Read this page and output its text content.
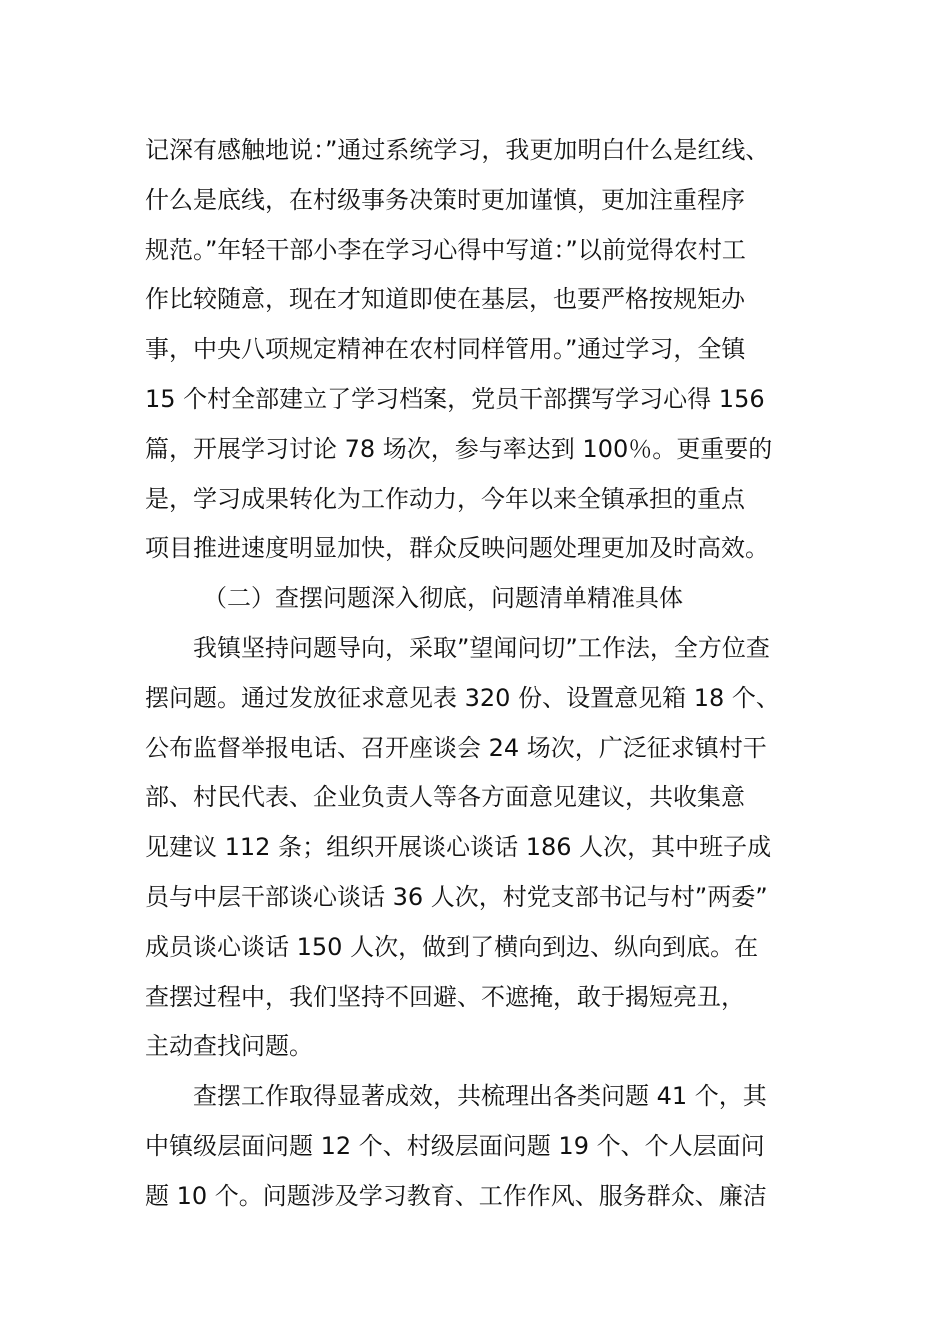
记深有感触地说：”通过系统学习，我更加明白什么是红线、
什么是底线，在村级事务决策时更加谨慎，更加注重程序
规范。”年轻干部小李在学习心得中写道：”以前觉得农村工
作比较随意，现在才知道即使在基层，也要严格按规矩办
事，中央八项规定精神在农村同样管用。”通过学习，全镇
15 个村全部建立了学习档案，党员干部撰写学习心得 156
篇，开展学习讨论 78 场次，参与率达到 100％。更重要的
是，学习成果转化为工作动力，今年以来全镇承担的重点
项目推进速度明显加快，群众反映问题处理更加及时高效。
（二）查摆问题深入彻底，问题清单精准具体
我镇坚持问题导向，采取”望闻问切”工作法，全方位查
摆问题。通过发放征求意见表 320 份、设置意见箱 18 个、
公布监督举报电话、召开座谈会 24 场次，广泛征求镇村干
部、村民代表、企业负责人等各方面意见建议，共收集意
见建议 112 条；组织开展谈心谈话 186 人次，其中班子成
员与中层干部谈心谈话 36 人次，村党支部书记与村”两委”
成员谈心谈话 150 人次，做到了横向到边、纵向到底。在
查摆过程中，我们坚持不回避、不遮掩，敢于揭短亮丑，
主动查找问题。
查摆工作取得显著成效，共梳理出各类问题 41 个，其
中镇级层面问题 12 个、村级层面问题 19 个、个人层面问
题 10 个。问题涉及学习教育、工作作风、服务群众、廉洁
